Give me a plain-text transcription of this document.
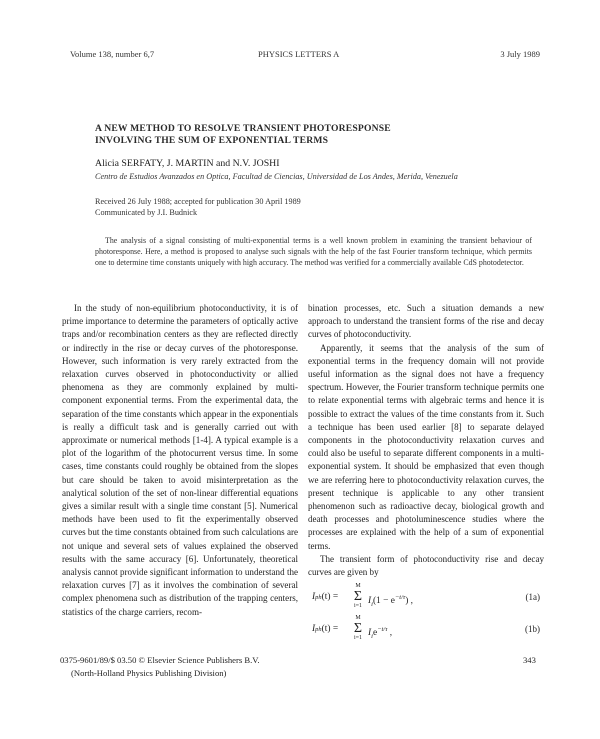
Volume 138, number 6,7	PHYSICS LETTERS A	3 July 1989
A NEW METHOD TO RESOLVE TRANSIENT PHOTORESPONSE
INVOLVING THE SUM OF EXPONENTIAL TERMS
Alicia SERFATY, J. MARTIN and N.V. JOSHI
Centro de Estudios Avanzados en Optica, Facultad de Ciencias, Universidad de Los Andes, Merida, Venezuela
Received 26 July 1988; accepted for publication 30 April 1989
Communicated by J.I. Budnick

The analysis of a signal consisting of multi-exponential terms is a well known problem in examining the transient behaviour of photoresponse. Here, a method is proposed to analyse such signals with the help of the fast Fourier transform technique, which permits one to determine time constants uniquely with high accuracy. The method was verified for a commercially available CdS photodetector.

In the study of non-equilibrium photoconductivity, it is of prime importance to determine the parameters of optically active traps and/or recombination centers as they are reflected directly or indirectly in the rise or decay curves of the photoresponse. However, such information is very rarely extracted from the relaxation curves observed in photoconductivity or allied phenomena as they are commonly explained by multi-component exponential terms. From the experimental data, the separation of the time constants which appear in the exponentials is really a difficult task and is generally carried out with approximate or numerical methods [1-4]. A typical example is a plot of the logarithm of the photocurrent versus time. In some cases, time constants could roughly be obtained from the slopes but care should be taken to avoid misinterpretation as the analytical solution of the set of non-linear differential equations gives a similar result with a single time constant [5]. Numerical methods have been used to fit the experimentally observed curves but the time constants obtained from such calculations are not unique and several sets of values explained the observed results with the same accuracy [6]. Unfortunately, theoretical analysis cannot provide significant information to understand the relaxation curves [7] as it involves the combination of several complex phenomena such as distribution of the trapping centers, statistics of the charge carriers, recom-

bination processes, etc. Such a situation demands a new approach to understand the transient forms of the rise and decay curves of photoconductivity.

Apparently, it seems that the analysis of the sum of exponential terms in the frequency domain will not provide useful information as the signal does not have a frequency spectrum. However, the Fourier transform technique permits one to relate exponential terms with algebraic terms and hence it is possible to extract the values of the time constants from it. Such a technique has been used earlier [8] to separate delayed components in the photoconductivity relaxation curves and could also be useful to separate different components in a multi-exponential system. It should be emphasized that even though we are referring here to photoconductivity relaxation curves, the present technique is applicable to any other transient phenomenon such as radioactive decay, biological growth and death processes and photoluminescence studies where the processes are explained with the help of a sum of exponential terms.

The transient form of photoconductivity rise and decay curves are given by

Iph(t) =
M
Σ
i=1 $I_i(1 - e^{-t/\tau})$ ,	(1a)
Iph(t) =
M
Σ
i=1 $I_ie^{-t/\tau}$ ,	(1b)
0375-9601/89/$ 03.50 © Elsevier Science Publishers B.V.
(North-Holland Physics Publishing Division)
343
